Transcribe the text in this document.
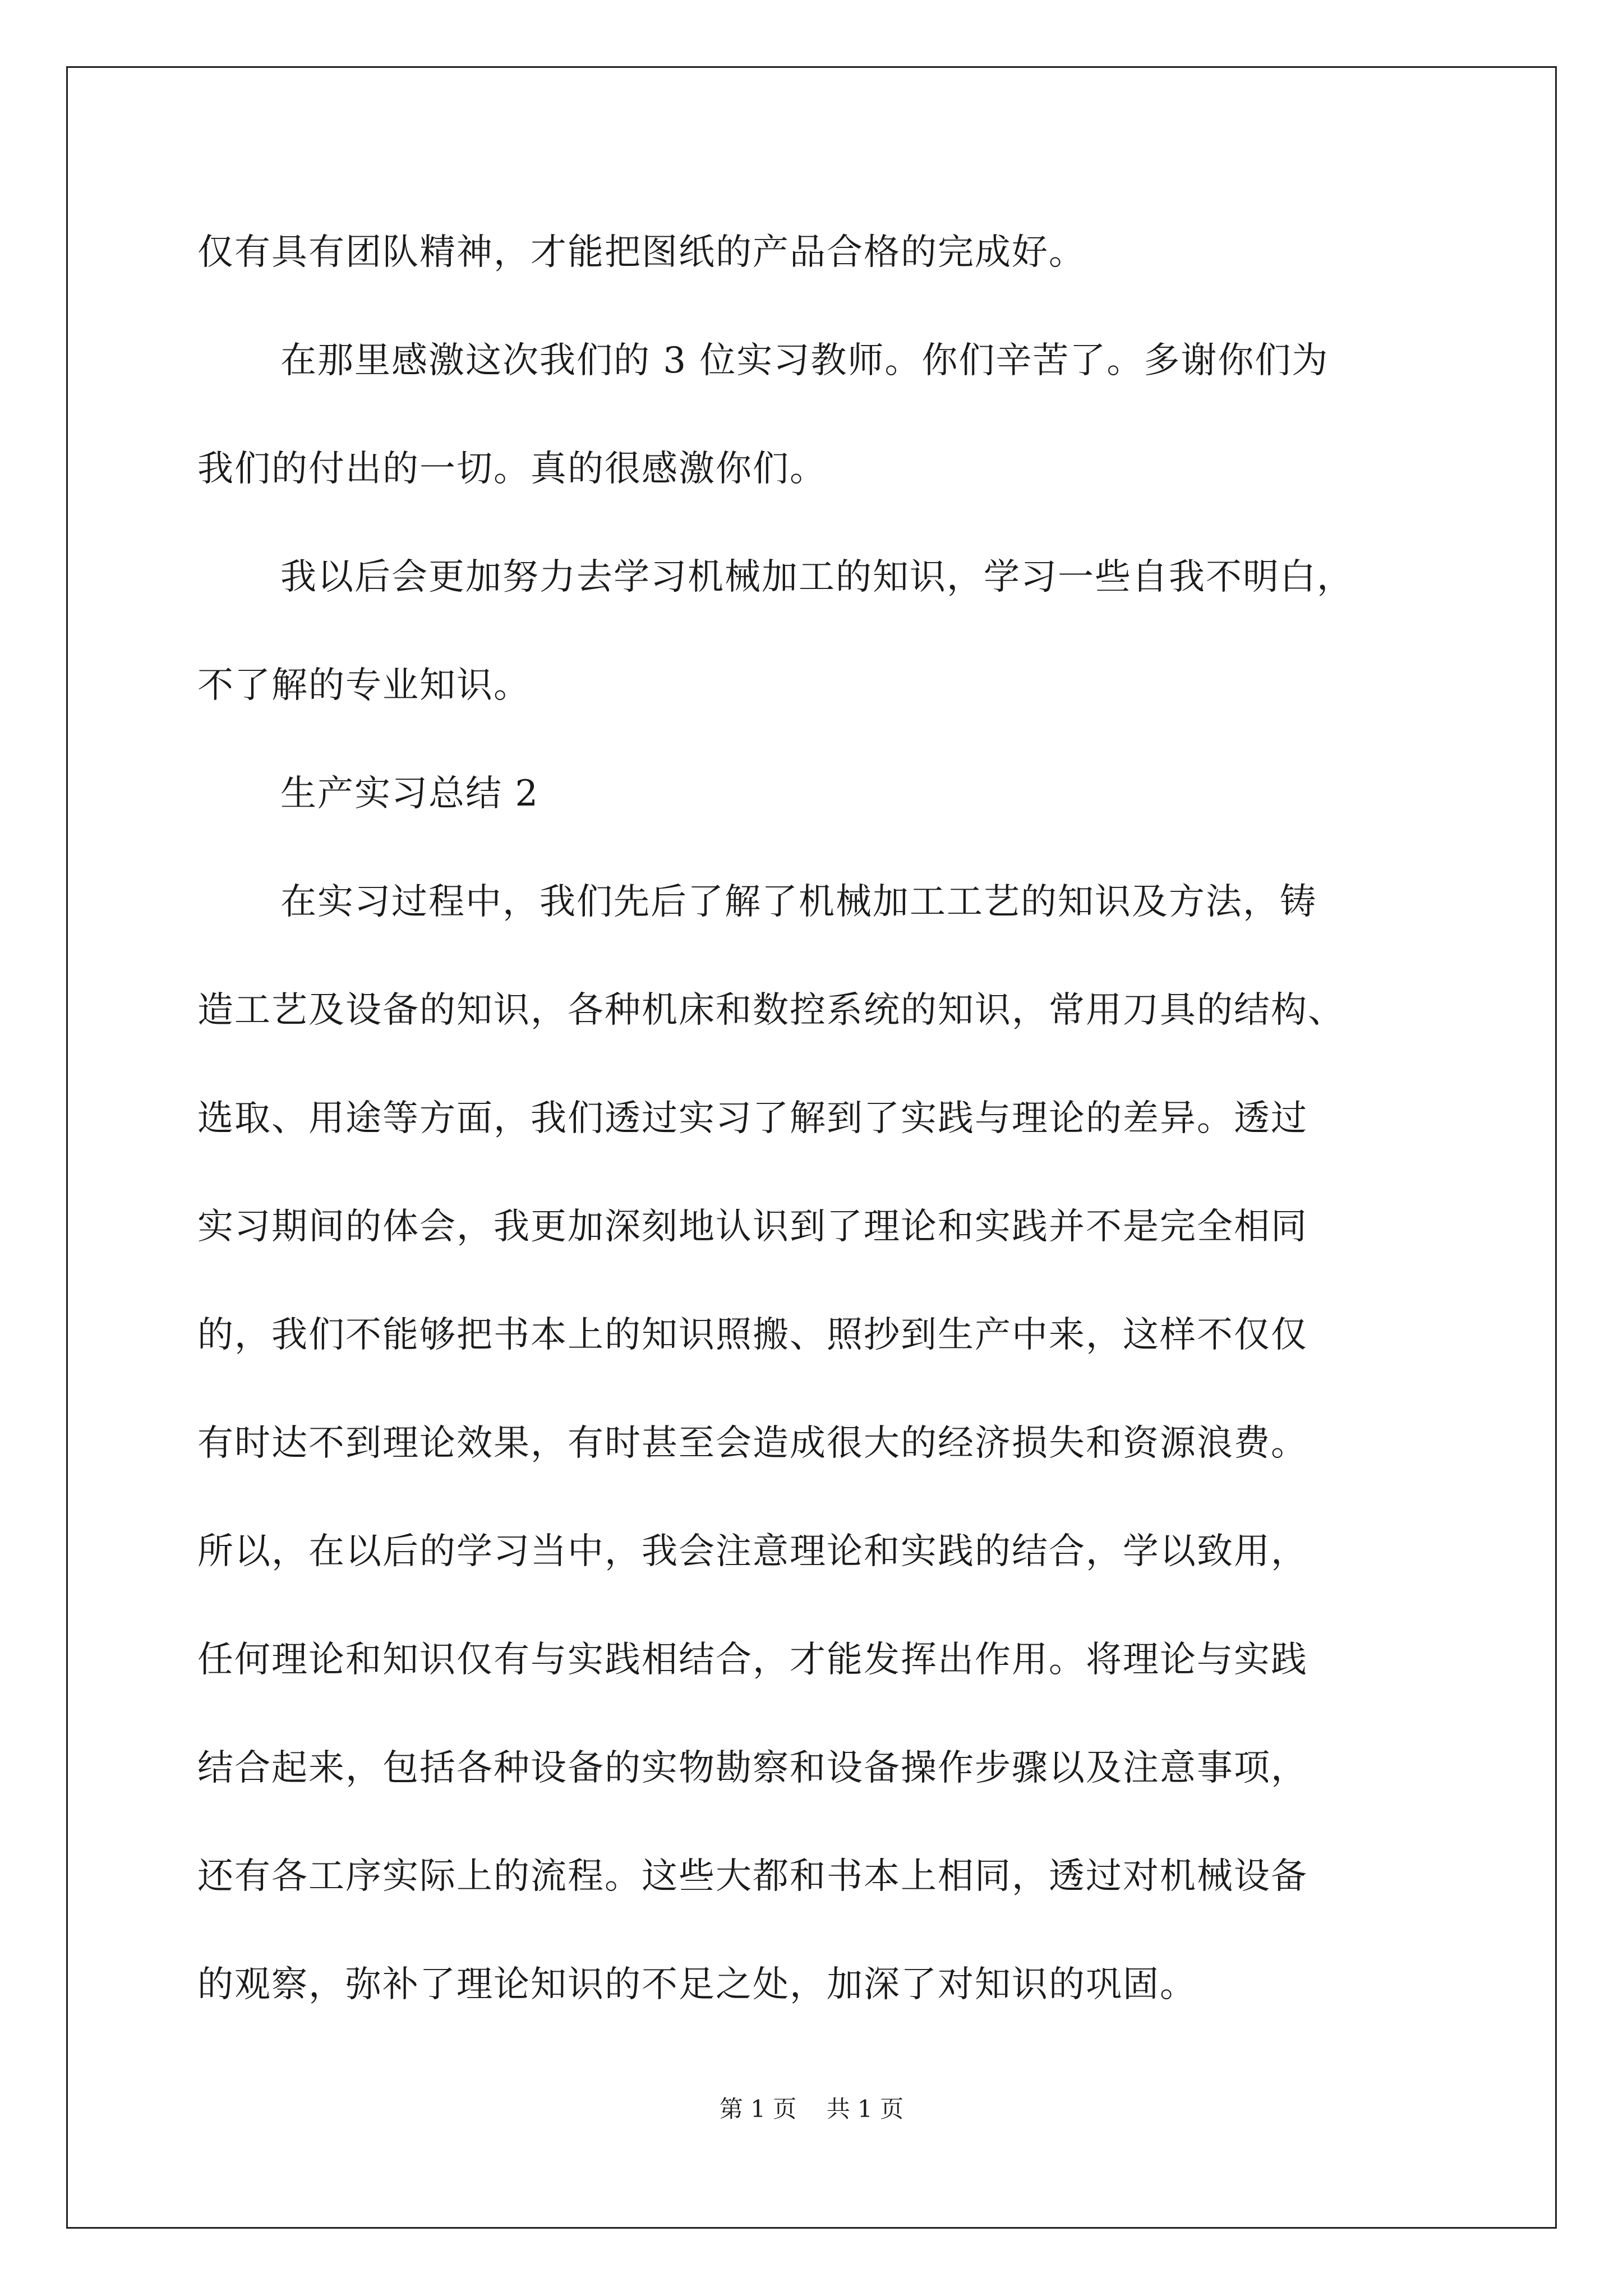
仅有具有团队精神，才能把图纸的产品合格的完成好。
在那里感激这次我们的 3 位实习教师。你们辛苦了。多谢你们为
我们的付出的一切。真的很感激你们。
我以后会更加努力去学习机械加工的知识，学习一些自我不明白，
不了解的专业知识。
生产实习总结 2
在实习过程中，我们先后了解了机械加工工艺的知识及方法，铸
造工艺及设备的知识，各种机床和数控系统的知识，常用刀具的结构、
选取、用途等方面，我们透过实习了解到了实践与理论的差异。透过
实习期间的体会，我更加深刻地认识到了理论和实践并不是完全相同
的，我们不能够把书本上的知识照搬、照抄到生产中来，这样不仅仅
有时达不到理论效果，有时甚至会造成很大的经济损失和资源浪费。
所以，在以后的学习当中，我会注意理论和实践的结合，学以致用，
任何理论和知识仅有与实践相结合，才能发挥出作用。将理论与实践
结合起来，包括各种设备的实物勘察和设备操作步骤以及注意事项，
还有各工序实际上的流程。这些大都和书本上相同，透过对机械设备
的观察，弥补了理论知识的不足之处，加深了对知识的巩固。
第 1 页    共 1 页
